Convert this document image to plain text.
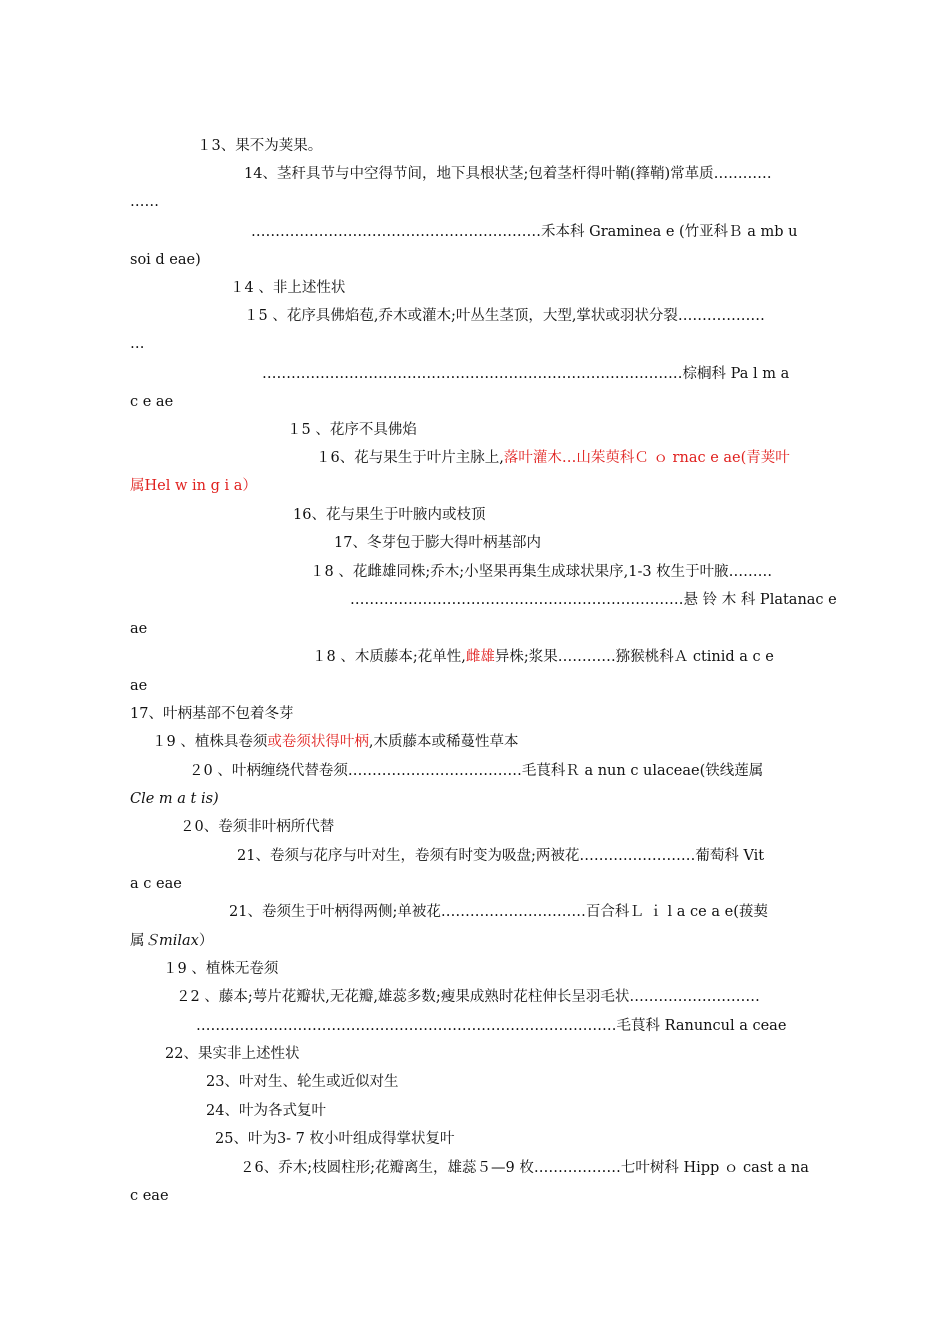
１3、果不为荚果。
14、茎秆具节与中空得节间，地下具根状茎;包着茎杆得叶鞘(箨鞘)常革质…………
……
……………………………………………………禾本科 Graminea e (竹亚科Ｂ a mb u
soi d eae)
１4 、非上述性状
１5 、花序具佛焰苞,乔木或灌木;叶丛生茎顶，大型,掌状或羽状分裂………………
…
……………………………………………………………………………棕榈科 Pa l m a
c e ae
１5 、花序不具佛焰
１6、花与果生于叶片主脉上,落叶灌木…山茱萸科Ｃ ｏ rnac e ae(青荚叶
属Hel w in g i a）
16、花与果生于叶腋内或枝顶
17、冬芽包于膨大得叶柄基部内
１8 、花雌雄同株;乔木;小坚果再集生成球状果序,1-3 枚生于叶腋………
……………………………………………………………悬 铃 木 科 Platanac e
ae
１8 、木质藤本;花单性,雌雄异株;浆果…………猕猴桃科Ａ ctinid a c e
ae
17、叶柄基部不包着冬芽
１9 、植株具卷须或卷须状得叶柄,木质藤本或稀蔓性草本
２0 、叶柄缠绕代替卷须………………………………毛茛科Ｒ a nun c ulaceae(铁线莲属
Cle m a t is)
２0、卷须非叶柄所代替
21、卷须与花序与叶对生，卷须有时变为吸盘;两被花……………………葡萄科 Vit
a c eae
21、卷须生于叶柄得两侧;单被花…………………………百合科Ｌ ｉ l a ce a e(菝葜
属Ｓmilax）
１9 、植株无卷须
２2 、藤本;萼片花瓣状,无花瓣,雄蕊多数;瘦果成熟时花柱伸长呈羽毛状………………………
……………………………………………………………………………毛茛科 Ranuncul a ceae
22、果实非上述性状
23、叶对生、轮生或近似对生
24、叶为各式复叶
25、叶为3- 7 枚小叶组成得掌状复叶
２6、乔木;枝圆柱形;花瓣离生，雄蕊５—9 枚………………七叶树科 Hipp ｏ cast a na
c eae
